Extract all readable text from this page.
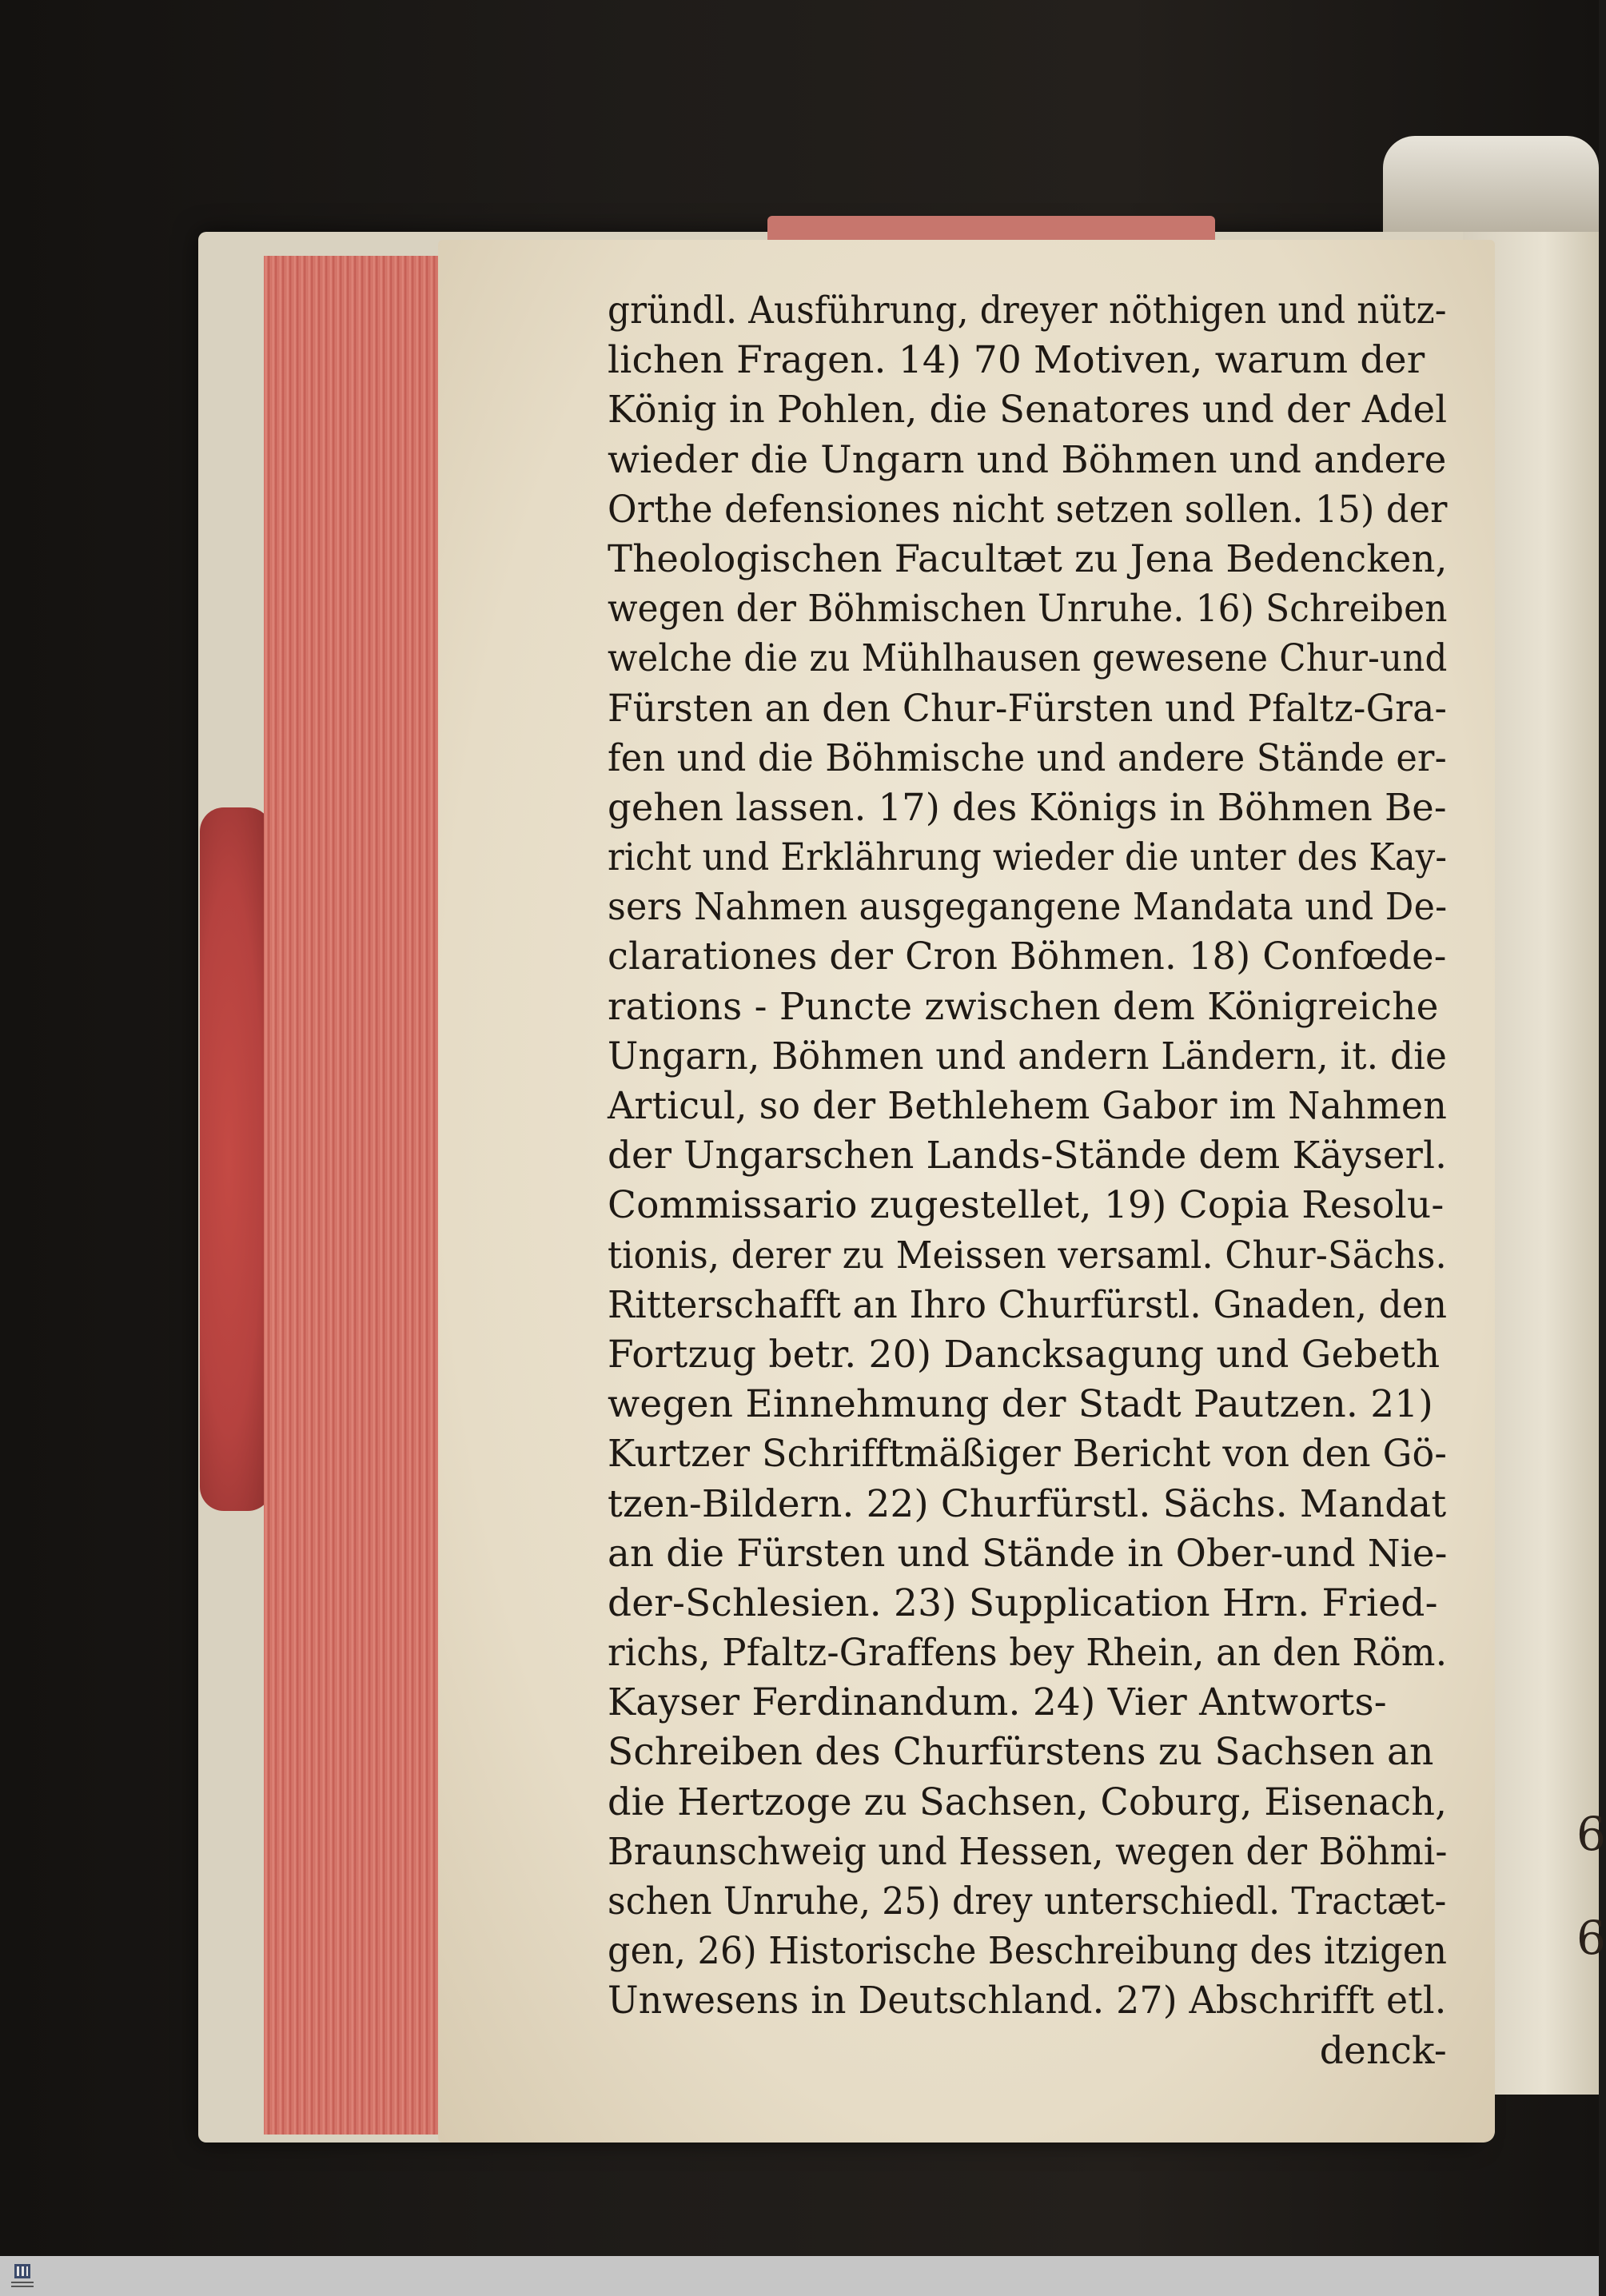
6
6
gründl. Ausführung, dreyer nöthigen und nütz-
lichen Fragen. 14) 70 Motiven, warum der
König in Pohlen, die Senatores und der Adel
wieder die Ungarn und Böhmen und andere
Orthe defensiones nicht setzen sollen. 15) der
Theologischen Facultæt zu Jena Bedencken,
wegen der Böhmischen Unruhe. 16) Schreiben
welche die zu Mühlhausen gewesene Chur-und
Fürsten an den Chur-Fürsten und Pfaltz-Gra-
fen und die Böhmische und andere Stände er-
gehen lassen. 17) des Königs in Böhmen Be-
richt und Erklährung wieder die unter des Kay-
sers Nahmen ausgegangene Mandata und De-
clarationes der Cron Böhmen. 18) Confœde-
rations - Puncte zwischen dem Königreiche
Ungarn, Böhmen und andern Ländern, it. die
Articul, so der Bethlehem Gabor im Nahmen
der Ungarschen Lands-Stände dem Käyserl.
Commissario zugestellet, 19) Copia Resolu-
tionis, derer zu Meissen versaml. Chur-Sächs.
Ritterschafft an Ihro Churfürstl. Gnaden, den
Fortzug betr. 20) Dancksagung und Gebeth
wegen Einnehmung der Stadt Pautzen. 21)
Kurtzer Schrifftmäßiger Bericht von den Gö-
tzen-Bildern. 22) Churfürstl. Sächs. Mandat
an die Fürsten und Stände in Ober-und Nie-
der-Schlesien. 23) Supplication Hrn. Fried-
richs, Pfaltz-Graffens bey Rhein, an den Röm.
Kayser Ferdinandum. 24) Vier Antworts-
Schreiben des Churfürstens zu Sachsen an
die Hertzoge zu Sachsen, Coburg, Eisenach,
Braunschweig und Hessen, wegen der Böhmi-
schen Unruhe, 25) drey unterschiedl. Tractæt-
gen, 26) Historische Beschreibung des itzigen
Unwesens in Deutschland. 27) Abschrifft etl.
denck-
